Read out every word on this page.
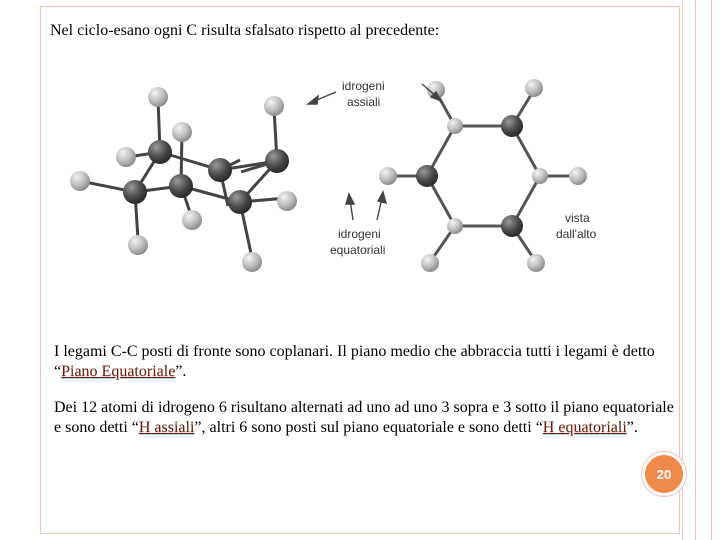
Nel ciclo-esano ogni C risulta sfalsato rispetto al precedente:
idrogeni
assiali
idrogeni
equatoriali
vista
dall'alto
I legami C-C posti di fronte sono coplanari. Il piano medio che abbraccia tutti i legami è detto “Piano Equatoriale”.
Dei 12 atomi di idrogeno 6 risultano alternati ad uno ad uno 3 sopra e 3 sotto il piano equatoriale e sono detti “H assiali”, altri 6 sono posti sul piano equatoriale e sono detti “H equatoriali”.
20
